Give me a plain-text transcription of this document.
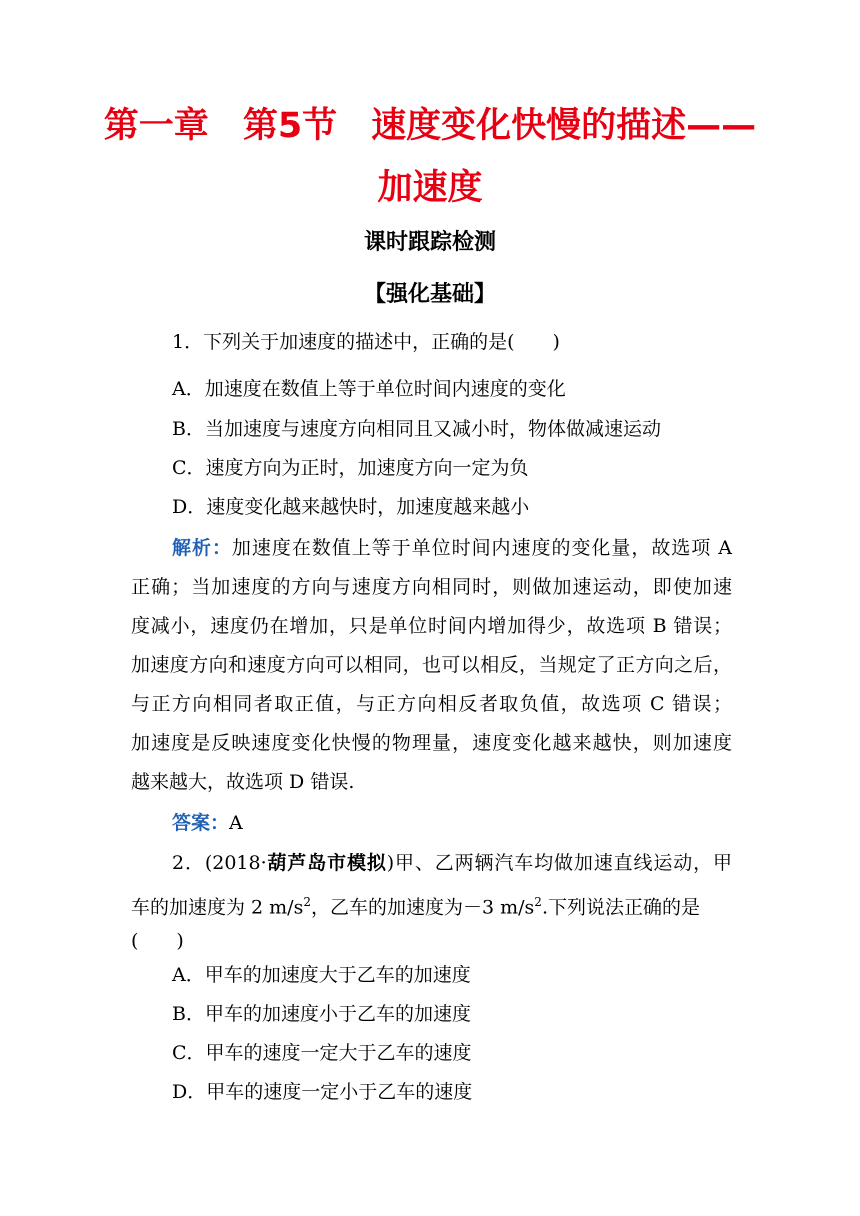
第一章 第5节 速度变化快慢的描述——
加速度
课时跟踪检测
【强化基础】
1．下列关于加速度的描述中，正确的是(　　)
A．加速度在数值上等于单位时间内速度的变化
B．当加速度与速度方向相同且又减小时，物体做减速运动
C．速度方向为正时，加速度方向一定为负
D．速度变化越来越快时，加速度越来越小
解析：加速度在数值上等于单位时间内速度的变化量，故选项 A
正确；当加速度的方向与速度方向相同时，则做加速运动，即使加速
度减小，速度仍在增加，只是单位时间内增加得少，故选项 B 错误；
加速度方向和速度方向可以相同，也可以相反，当规定了正方向之后，
与正方向相同者取正值，与正方向相反者取负值，故选项 C 错误；
加速度是反映速度变化快慢的物理量，速度变化越来越快，则加速度
越来越大，故选项 D 错误.
答案：A
2．(2018·葫芦岛市模拟)甲、乙两辆汽车均做加速直线运动，甲
车的加速度为 2 $m/s^2$，乙车的加速度为－3 $m/s^2$.下列说法正确的是
(　　)
A．甲车的加速度大于乙车的加速度
B．甲车的加速度小于乙车的加速度
C．甲车的速度一定大于乙车的速度
D．甲车的速度一定小于乙车的速度
